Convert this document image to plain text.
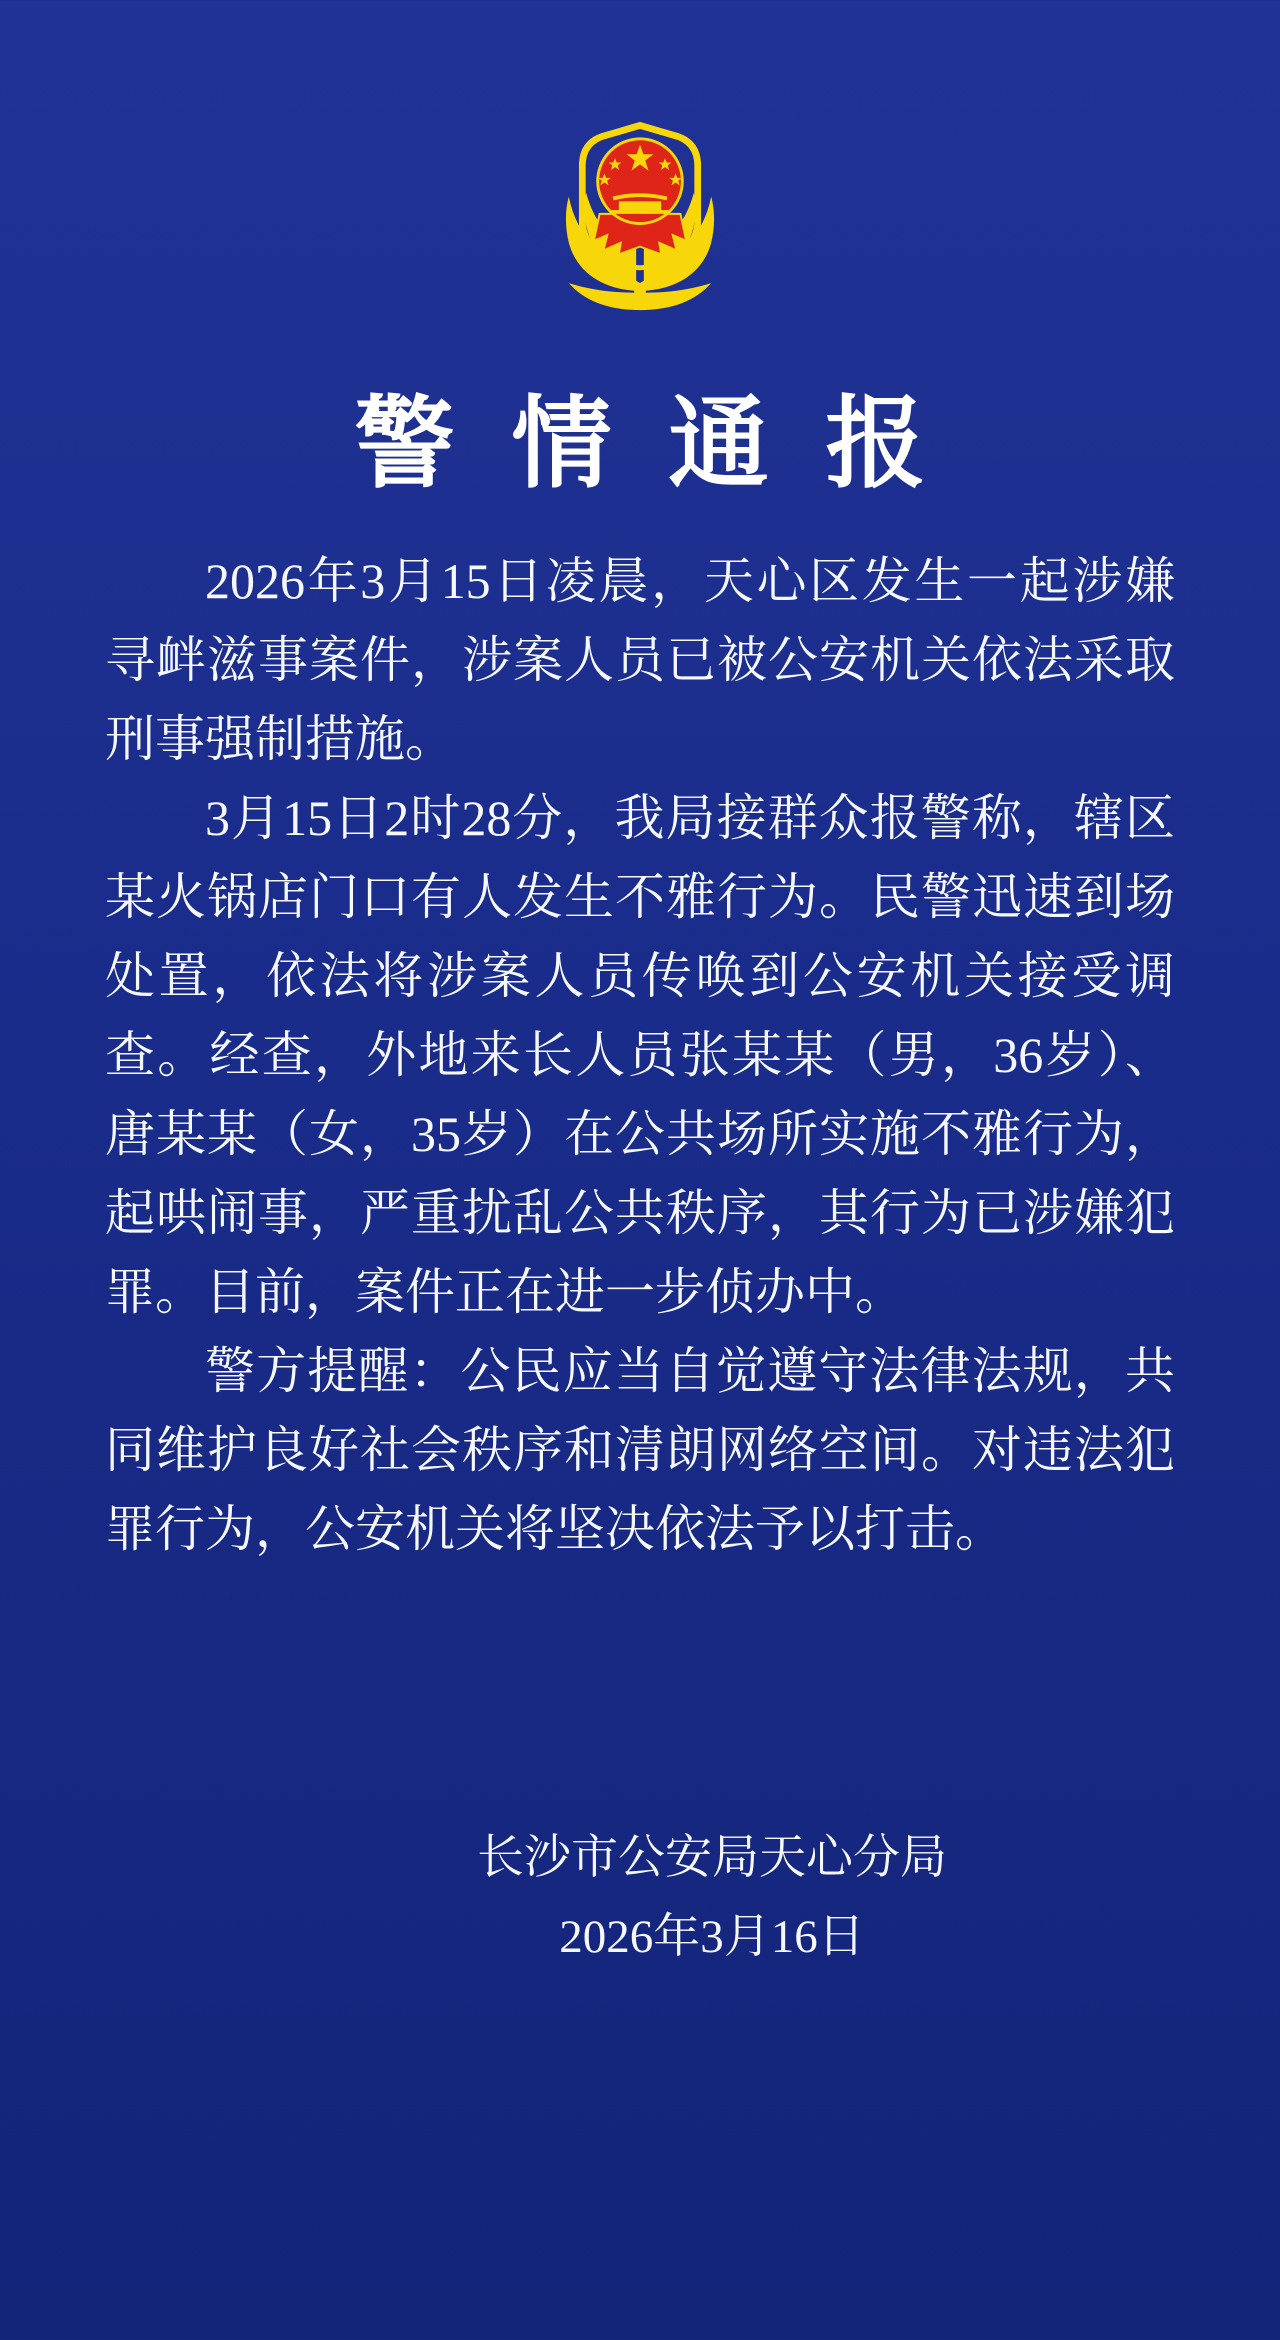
警情通报

2026年3月15日凌晨，天心区发生一起涉嫌寻衅滋事案件，涉案人员已被公安机关依法采取刑事强制措施。

3月15日2时28分，我局接群众报警称，辖区某火锅店门口有人发生不雅行为。民警迅速到场处置，依法将涉案人员传唤到公安机关接受调查。经查，外地来长人员张某某（男，36岁）、唐某某（女，35岁）在公共场所实施不雅行为，起哄闹事，严重扰乱公共秩序，其行为已涉嫌犯罪。目前，案件正在进一步侦办中。

警方提醒：公民应当自觉遵守法律法规，共同维护良好社会秩序和清朗网络空间。对违法犯罪行为，公安机关将坚决依法予以打击。

长沙市公安局天心分局
2026年3月16日
